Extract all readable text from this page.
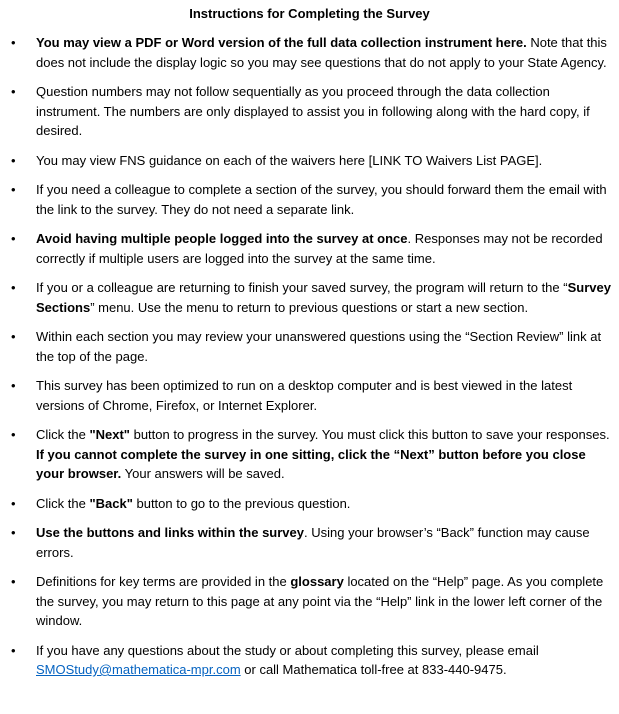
Instructions for Completing the Survey
• You may view a PDF or Word version of the full data collection instrument here. Note that this does not include the display logic so you may see questions that do not apply to your State Agency.
• Question numbers may not follow sequentially as you proceed through the data collection instrument. The numbers are only displayed to assist you in following along with the hard copy, if desired.
• You may view FNS guidance on each of the waivers here [LINK TO Waivers List PAGE].
• If you need a colleague to complete a section of the survey, you should forward them the email with the link to the survey. They do not need a separate link.
• Avoid having multiple people logged into the survey at once. Responses may not be recorded correctly if multiple users are logged into the survey at the same time.
• If you or a colleague are returning to finish your saved survey, the program will return to the “Survey Sections” menu. Use the menu to return to previous questions or start a new section.
• Within each section you may review your unanswered questions using the “Section Review” link at the top of the page.
• This survey has been optimized to run on a desktop computer and is best viewed in the latest versions of Chrome, Firefox, or Internet Explorer.
• Click the "Next" button to progress in the survey. You must click this button to save your responses. If you cannot complete the survey in one sitting, click the “Next” button before you close your browser. Your answers will be saved.
• Click the "Back" button to go to the previous question.
• Use the buttons and links within the survey. Using your browser’s “Back” function may cause errors.
• Definitions for key terms are provided in the glossary located on the “Help” page. As you complete the survey, you may return to this page at any point via the “Help” link in the lower left corner of the window.
• If you have any questions about the study or about completing this survey, please email SMOStudy@mathematica-mpr.com or call Mathematica toll-free at 833-440-9475.
